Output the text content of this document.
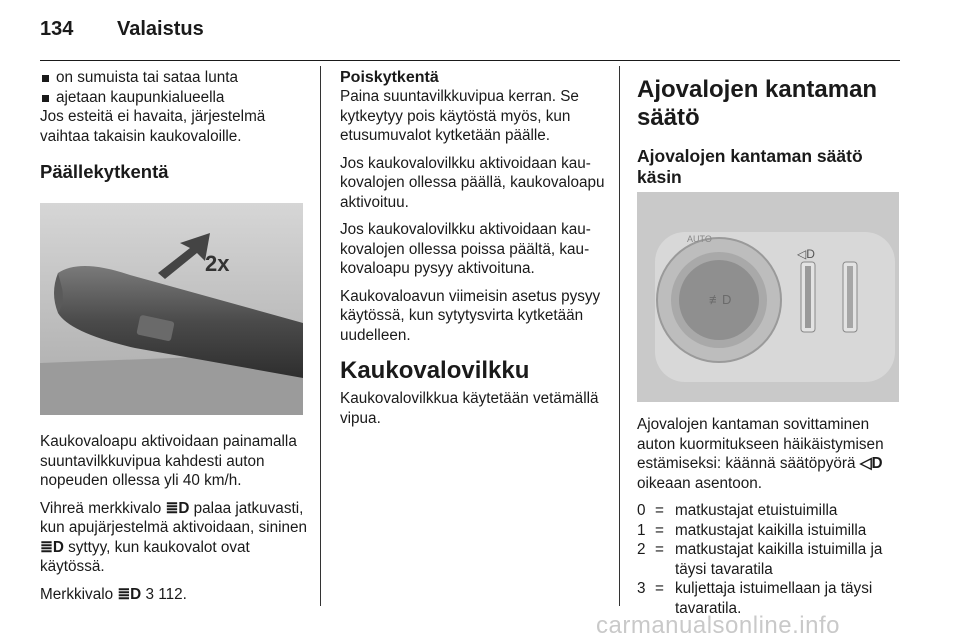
134 Valaistus
on sumuista tai sataa lunta
ajetaan kaupunkialueella

Jos esteitä ei havaita, järjestelmä vaihtaa takaisin kaukovaloille.

Päällekytkentä
2x

Kaukovaloapu aktivoidaan painamalla suuntavilkkuvipua kahdesti auton nopeuden ollessa yli 40 km/h.

Vihreä merkkivalo ≣D palaa jatkuvasti, kun apujärjestelmä aktivoidaan, sininen ≣D syttyy, kun kaukovalot ovat käytössä.

Merkkivalo ≣D 3 112.

Poiskytkentä

Paina suuntavilkkuvipua kerran. Se kytkeytyy pois käytöstä myös, kun etusumuvalot kytketään päälle.

Jos kaukovalovilkku aktivoidaan kaukovalojen ollessa päällä, kaukovaloapu aktivoituu.

Jos kaukovalovilkku aktivoidaan kaukovalojen ollessa poissa päältä, kaukovaloapu pysyy aktivoituna.

Kaukovaloavun viimeisin asetus pysyy käytössä, kun sytytysvirta kytketään uudelleen.

Kaukovalovilkku

Kaukovalovilkkua käytetään vetämällä vipua.

Ajovalojen kantaman säätö
Ajovalojen kantaman säätö käsin
≢D
◁D
AUTO

Ajovalojen kantaman sovittaminen auton kuormitukseen häikäistymisen estämiseksi: käännä säätöpyörä ◁D oikeaan asentoon.

0 = matkustajat etuistuimilla
1 = matkustajat kaikilla istuimilla
2 = matkustajat kaikilla istuimilla ja täysi tavaratila
3 = kuljettaja istuimellaan ja täysi tavaratila.
carmanualsonline.info
